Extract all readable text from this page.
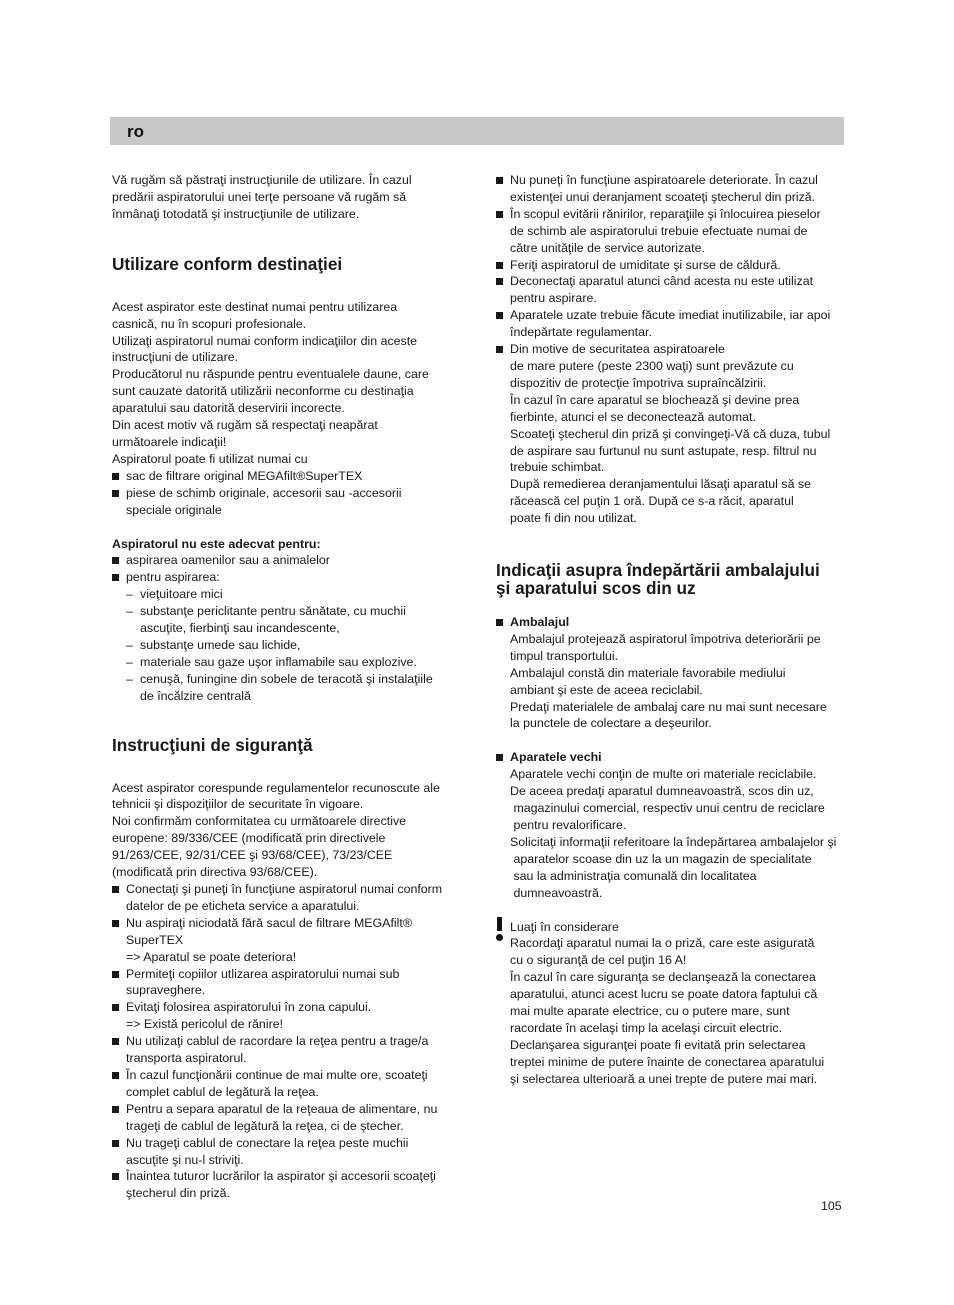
ro
Vă rugăm să păstraţi instrucţiunile de utilizare. În cazul
predării aspiratorului unei terţe persoane vă rugăm să
înmânaţi totodată şi instrucţiunile de utilizare.
Utilizare conform destinaţiei
Acest aspirator este destinat numai pentru utilizarea
casnică, nu în scopuri profesionale.
Utilizaţi aspiratorul numai conform indicaţiilor din aceste
instrucţiuni de utilizare.
Producătorul nu răspunde pentru eventualele daune, care
sunt cauzate datorită utilizării neconforme cu destinaţia
aparatului sau datorită deservirii incorecte.
Din acest motiv vă rugăm să respectaţi neapărat
următoarele indicaţii!
Aspiratorul poate fi utilizat numai cu
sac de filtrare original MEGAfilt®SuperTEX
piese de schimb originale, accesorii sau -accesorii
speciale originale
Aspiratorul nu este adecvat pentru:
aspirarea oamenilor sau a animalelor
pentru aspirarea:
– vieţuitoare mici
– substanţe periclitante pentru sănătate, cu muchii
ascuţite, fierbinţi sau incandescente,
– substanţe umede sau lichide,
– materiale sau gaze uşor inflamabile sau explozive.
– cenuşă, funingine din sobele de teracotă şi instalaţiile
de încălzire centrală
Instrucţiuni de siguranţă
Acest aspirator corespunde regulamentelor recunoscute ale
tehnicii şi dispoziţiilor de securitate în vigoare.
Noi confirmăm conformitatea cu următoarele directive
europene: 89/336/CEE (modificată prin directivele
91/263/CEE, 92/31/CEE şi 93/68/CEE), 73/23/CEE
(modificată prin directiva 93/68/CEE).
Conectaţi şi puneţi în funcţiune aspiratorul numai conform
datelor de pe eticheta service a aparatului.
Nu aspiraţi niciodată fără sacul de filtrare MEGAfilt®
SuperTEX
=> Aparatul se poate deteriora!
Permiteţi copiilor utlizarea aspiratorului numai sub
supraveghere.
Evitaţi folosirea aspiratorului în zona capului.
=> Există pericolul de rănire!
Nu utilizaţi cablul de racordare la reţea pentru a trage/a
transporta aspiratorul.
În cazul funcţionării continue de mai multe ore, scoateţi
complet cablul de legătură la reţea.
Pentru a separa aparatul de la reţeaua de alimentare, nu
trageţi de cablul de legătură la reţea, ci de ştecher.
Nu trageţi cablul de conectare la reţea peste muchii
ascuţite şi nu-l striviţi.
Înaintea tuturor lucrărilor la aspirator şi accesorii scoaţeţi
ştecherul din priză.
Nu puneţi în funcţiune aspiratoarele deteriorate. În cazul
existenţei unui deranjament scoateţi ştecherul din priză.
În scopul evitării rănirilor, reparaţiile şi înlocuirea pieselor
de schimb ale aspiratorului trebuie efectuate numai de
către unităţile de service autorizate.
Feriţi aspiratorul de umiditate şi surse de căldură.
Deconectaţi aparatul atunci când acesta nu este utilizat
pentru aspirare.
Aparatele uzate trebuie făcute imediat inutilizabile, iar apoi
îndepărtate regulamentar.
Din motive de securitatea aspiratoarele
de mare putere (peste 2300 waţi) sunt prevăzute cu
dispozitiv de protecţie împotriva supraîncălzirii.
În cazul în care aparatul se blochează şi devine prea
fierbinte, atunci el se deconectează automat.
Scoateţi ştecherul din priză şi convingeţi-Vă că duza, tubul
de aspirare sau furtunul nu sunt astupate, resp. filtrul nu
trebuie schimbat.
După remedierea deranjamentului lăsaţi aparatul să se
răcească cel puţin 1 oră. După ce s-a răcit, aparatul
poate fi din nou utilizat.
Indicaţii asupra îndepărtării ambalajului
şi aparatului scos din uz
Ambalajul
Ambalajul protejează aspiratorul împotriva deteriorării pe
timpul transportului.
Ambalajul constă din materiale favorabile mediului
ambiant şi este de aceea reciclabil.
Predaţi materialele de ambalaj care nu mai sunt necesare
la punctele de colectare a deşeurilor.
Aparatele vechi
Aparatele vechi conţin de multe ori materiale reciclabile.
De aceea predaţi aparatul dumneavoastră, scos din uz,
magazinului comercial, respectiv unui centru de reciclare
pentru revalorificare.
Solicitaţi informaţii referitoare la îndepărtarea ambalajelor şi
aparatelor scoase din uz la un magazin de specialitate
sau la administraţia comunală din localitatea
dumneavoastră.
Luaţi în considerare
Racordaţi aparatul numai la o priză, care este asigurată
cu o siguranţă de cel puţin 16 A!
În cazul în care siguranţa se declanşează la conectarea
aparatului, atunci acest lucru se poate datora faptului că
mai multe aparate electrice, cu o putere mare, sunt
racordate în acelaşi timp la acelaşi circuit electric.
Declanşarea siguranţei poate fi evitată prin selectarea
treptei minime de putere înainte de conectarea aparatului
şi selectarea ulterioară a unei trepte de putere mai mari.
105
